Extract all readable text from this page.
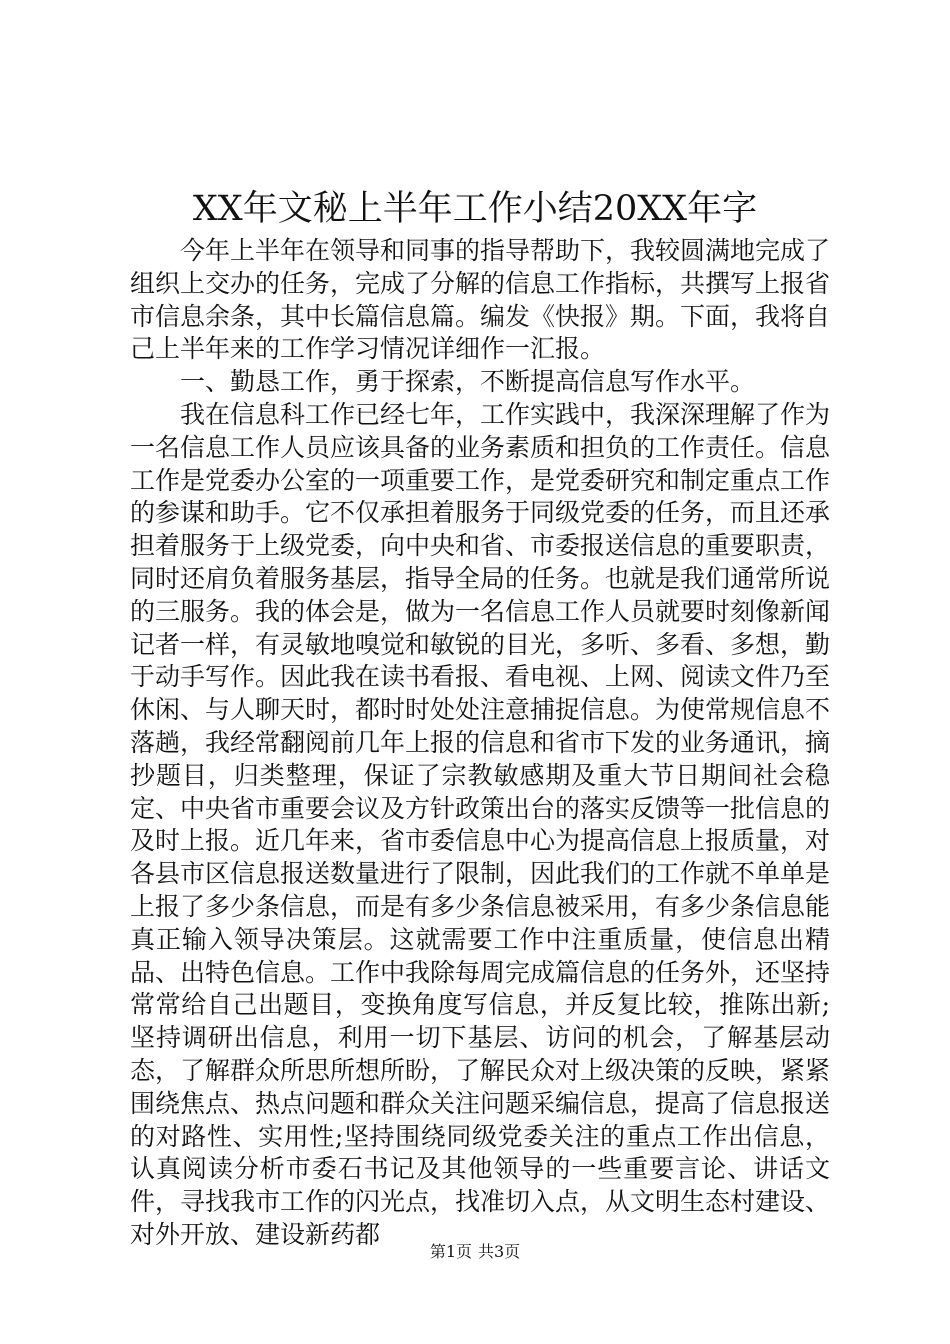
XX年文秘上半年工作小结20XX年字

今年上半年在领导和同事的指导帮助下，我较圆满地完成了组织上交办的任务，完成了分解的信息工作指标，共撰写上报省市信息余条，其中长篇信息篇。编发《快报》期。下面，我将自己上半年来的工作学习情况详细作一汇报。

一、勤恳工作，勇于探索，不断提高信息写作水平。

我在信息科工作已经七年，工作实践中，我深深理解了作为一名信息工作人员应该具备的业务素质和担负的工作责任。信息工作是党委办公室的一项重要工作，是党委研究和制定重点工作的参谋和助手。它不仅承担着服务于同级党委的任务，而且还承担着服务于上级党委，向中央和省、市委报送信息的重要职责，同时还肩负着服务基层，指导全局的任务。也就是我们通常所说的三服务。我的体会是，做为一名信息工作人员就要时刻像新闻记者一样，有灵敏地嗅觉和敏锐的目光，多听、多看、多想，勤于动手写作。因此我在读书看报、看电视、上网、阅读文件乃至休闲、与人聊天时，都时时处处注意捕捉信息。为使常规信息不落趟，我经常翻阅前几年上报的信息和省市下发的业务通讯，摘抄题目，归类整理，保证了宗教敏感期及重大节日期间社会稳定、中央省市重要会议及方针政策出台的落实反馈等一批信息的及时上报。近几年来，省市委信息中心为提高信息上报质量，对各县市区信息报送数量进行了限制，因此我们的工作就不单单是上报了多少条信息，而是有多少条信息被采用，有多少条信息能真正输入领导决策层。这就需要工作中注重质量，使信息出精品、出特色信息。工作中我除每周完成篇信息的任务外，还坚持常常给自己出题目，变换角度写信息，并反复比较，推陈出新;坚持调研出信息，利用一切下基层、访问的机会，了解基层动态，了解群众所思所想所盼，了解民众对上级决策的反映，紧紧围绕焦点、热点问题和群众关注问题采编信息，提高了信息报送的对路性、实用性;坚持围绕同级党委关注的重点工作出信息，认真阅读分析市委石书记及其他领导的一些重要言论、讲话文件，寻找我市工作的闪光点，找准切入点，从文明生态村建设、对外开放、建设新药都

第1页 共3页
